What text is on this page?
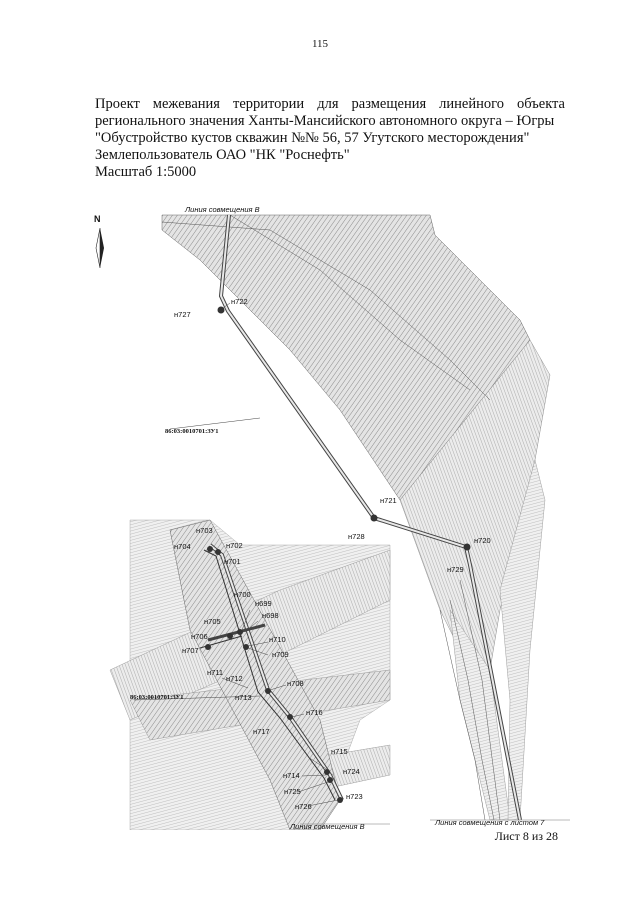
115
Проект межевания территории для размещения линейного объекта
регионального значения Ханты-Мансийского автономного округа – Югры
"Обустройство кустов скважин №№ 56, 57 Угутского месторождения"
Землепользователь ОАО "НК "Роснефть"
Масштаб 1:5000
N
Линия совмещения В
Линия совмещения В	Линия совмещения с листом 7
86:03:0010701:ЗУ1
86:03:0010701:ЗУ1
н722
н727
н721
н728	н720
н729
н703
н704	н702
н701
н700
н699
н698
н705
н706
н707
н710
н709
н711
н712
н708
н713
н716
н717
н715
н714	н724
н725
н723
н726
Лист 8 из 28
